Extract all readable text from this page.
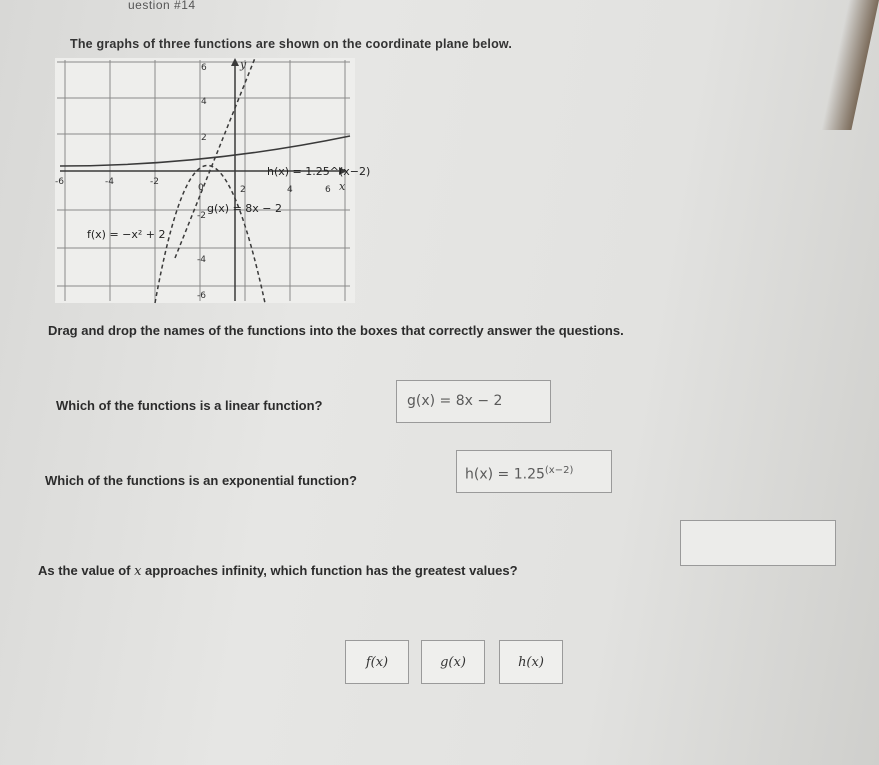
uestion #14
The graphs of three functions are shown on the coordinate plane below.
x
y
-6	-4	-2
0	2	4	6
6
4
2
-2
-4
-6
h(x) = 1.25^(x−2)
g(x) = 8x − 2
f(x) = −x² + 2
Drag and drop the names of the functions into the boxes that correctly answer the questions.
Which of the functions is a linear function?	g(x) = 8x − 2
Which of the functions is an exponential function?	$h(x) = 1.25^{(x-2)}$
As the value of x approaches infinity, which function has the greatest values?
f(x)	g(x)	h(x)
